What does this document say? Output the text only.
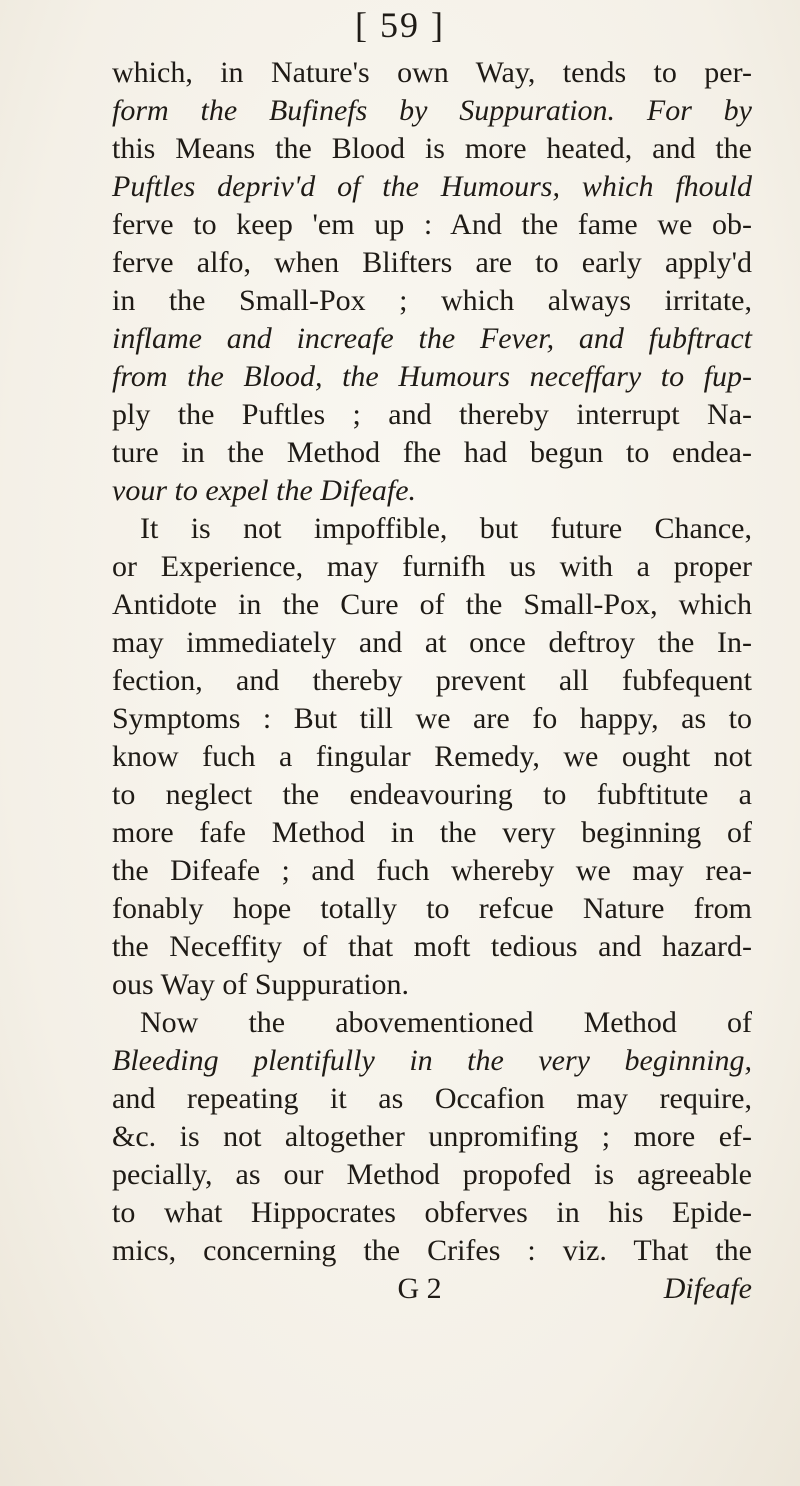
[ 59 ]
which, in Nature's own Way, tends to per-
form the Bufinefs by Suppuration. For by
this Means the Blood is more heated, and the
Puftles depriv'd of the Humours, which fhould
ferve to keep 'em up : And the fame we ob-
ferve alfo, when Blifters are to early apply'd
in the Small-Pox ; which always irritate,
inflame and increafe the Fever, and fubftract
from the Blood, the Humours neceffary to fup-
ply the Puftles ; and thereby interrupt Na-
ture in the Method fhe had begun to endea-
vour to expel the Difeafe.
It is not impoffible, but future Chance,
or Experience, may furnifh us with a proper
Antidote in the Cure of the Small-Pox, which
may immediately and at once deftroy the In-
fection, and thereby prevent all fubfequent
Symptoms : But till we are fo happy, as to
know fuch a fingular Remedy, we ought not
to neglect the endeavouring to fubftitute a
more fafe Method in the very beginning of
the Difeafe ; and fuch whereby we may rea-
fonably hope totally to refcue Nature from
the Neceffity of that moft tedious and hazard-
ous Way of Suppuration.
Now the abovementioned Method of
Bleeding plentifully in the very beginning,
and repeating it as Occafion may require,
&c. is not altogether unpromifing ; more ef-
pecially, as our Method propofed is agreeable
to what Hippocrates obferves in his Epide-
mics, concerning the Crifes : viz. That the
G 2	Difeafe
